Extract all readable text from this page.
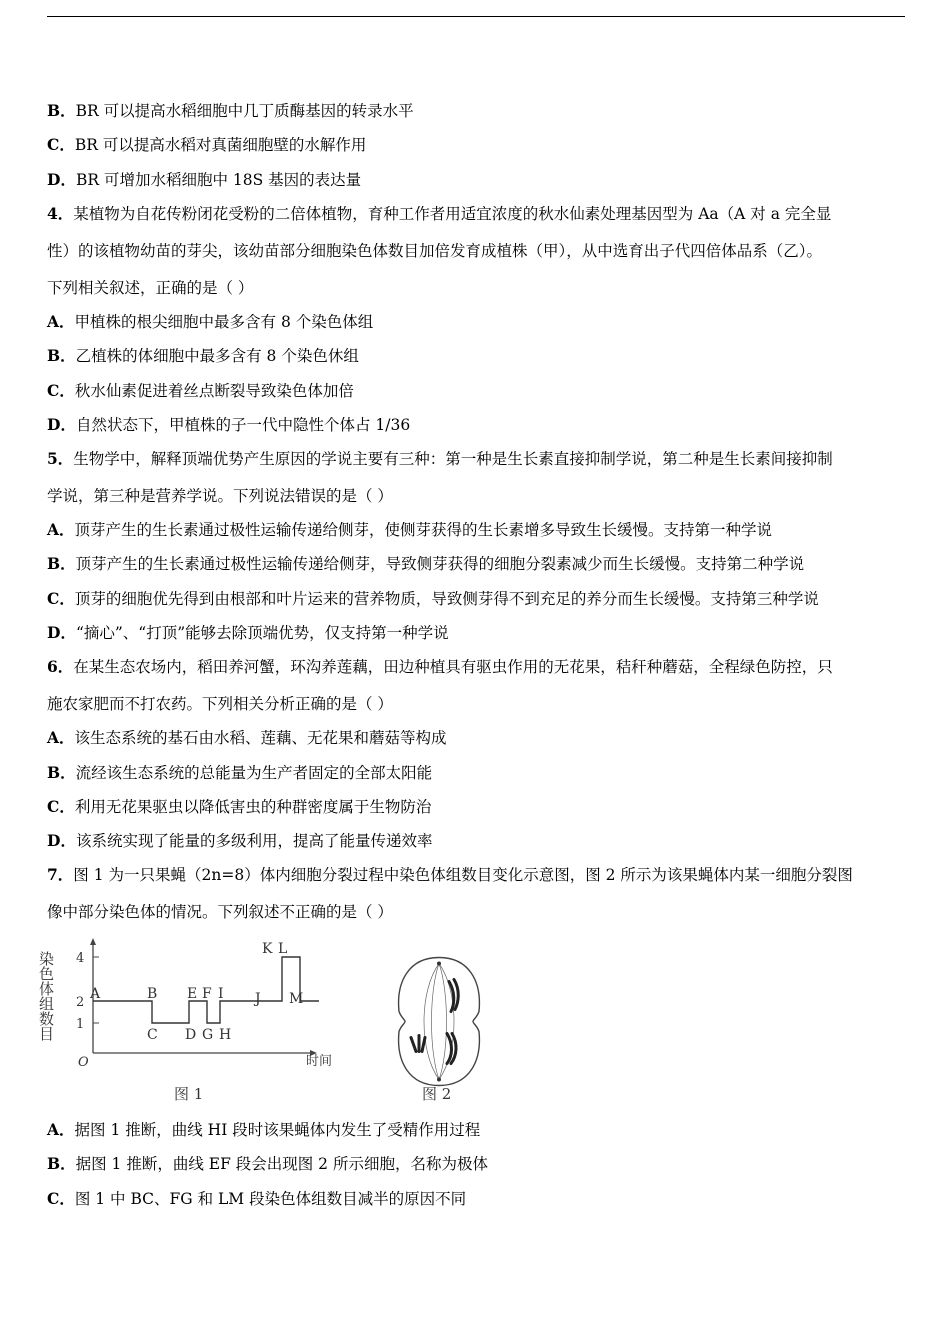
B．BR 可以提高水稻细胞中几丁质酶基因的转录水平
C．BR 可以提高水稻对真菌细胞壁的水解作用
D．BR 可增加水稻细胞中 18S 基因的表达量
4．某植物为自花传粉闭花受粉的二倍体植物，育种工作者用适宜浓度的秋水仙素处理基因型为 Aa（A 对 a 完全显
性）的该植物幼苗的芽尖，该幼苗部分细胞染色体数目加倍发育成植株（甲），从中选育出子代四倍体品系（乙）。
下列相关叙述，正确的是（ ）
A．甲植株的根尖细胞中最多含有 8 个染色体组
B．乙植株的体细胞中最多含有 8 个染色休组
C．秋水仙素促进着丝点断裂导致染色体加倍
D．自然状态下，甲植株的子一代中隐性个体占 1/36
5．生物学中，解释顶端优势产生原因的学说主要有三种：第一种是生长素直接抑制学说，第二种是生长素间接抑制
学说，第三种是营养学说。下列说法错误的是（ ）
A．顶芽产生的生长素通过极性运输传递给侧芽，使侧芽获得的生长素增多导致生长缓慢。支持第一种学说
B．顶芽产生的生长素通过极性运输传递给侧芽，导致侧芽获得的细胞分裂素减少而生长缓慢。支持第二种学说
C．顶芽的细胞优先得到由根部和叶片运来的营养物质，导致侧芽得不到充足的养分而生长缓慢。支持第三种学说
D．“摘心”、“打顶”能够去除顶端优势，仅支持第一种学说
6．在某生态农场内，稻田养河蟹，环沟养莲藕，田边种植具有驱虫作用的无花果，秸秆种蘑菇，全程绿色防控，只
施农家肥而不打农药。下列相关分析正确的是（ ）
A．该生态系统的基石由水稻、莲藕、无花果和蘑菇等构成
B．流经该生态系统的总能量为生产者固定的全部太阳能
C．利用无花果驱虫以降低害虫的种群密度属于生物防治
D．该系统实现了能量的多级利用，提高了能量传递效率
7．图 1 为一只果蝇（2n=8）体内细胞分裂过程中染色体组数目变化示意图，图 2 所示为该果蝇体内某一细胞分裂图
像中部分染色体的情况。下列叙述不正确的是（ ）
染色体组数目 4
2
1
O	时间
A	B
C D
E F
G H
I J
K L
M
图 1	图 2
A．据图 1 推断，曲线 HI 段时该果蝇体内发生了受精作用过程
B．据图 1 推断，曲线 EF 段会出现图 2 所示细胞，名称为极体
C．图 1 中 BC、FG 和 LM 段染色体组数目减半的原因不同
